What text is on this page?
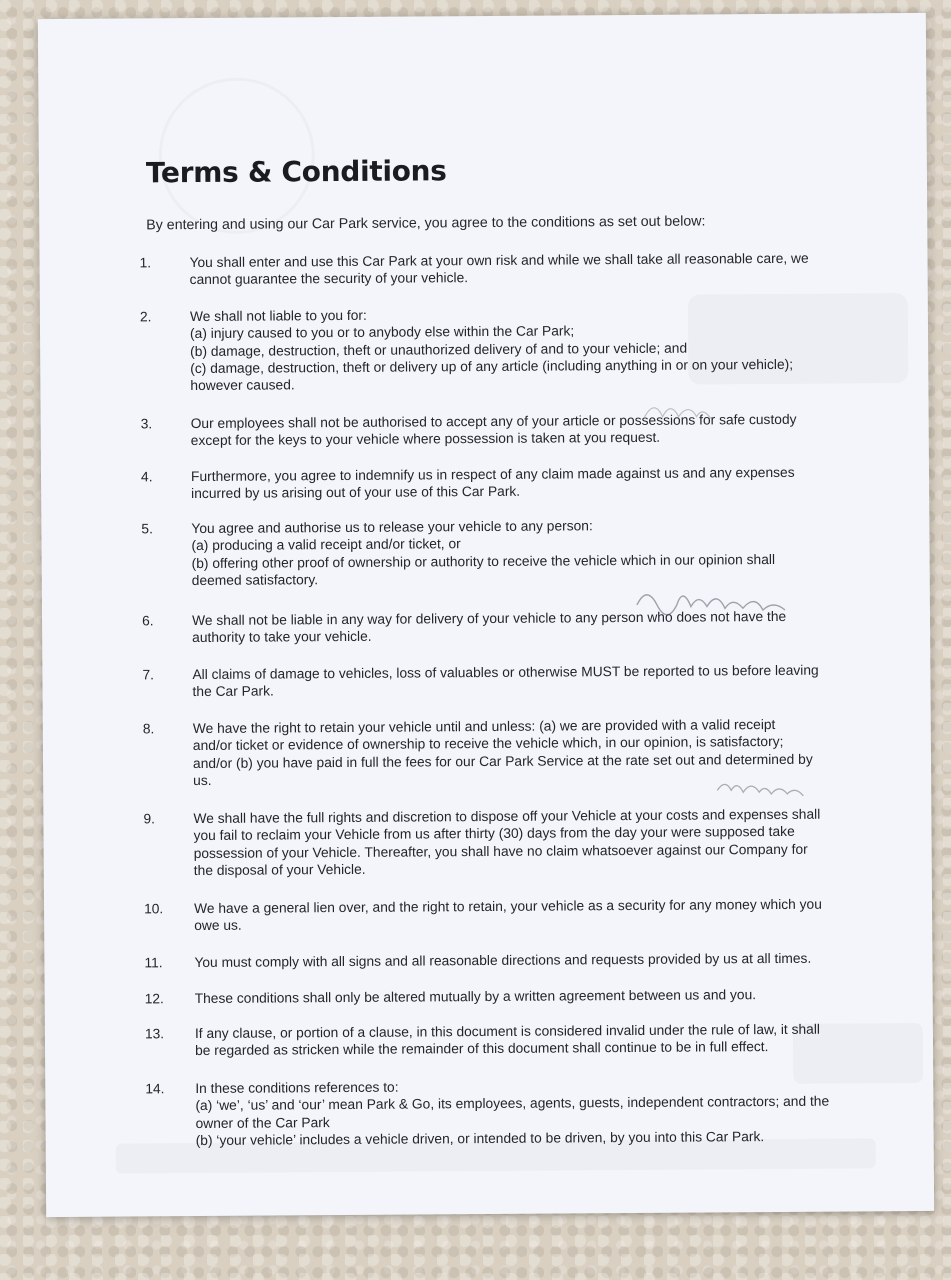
Terms & Conditions
By entering and using our Car Park service, you agree to the conditions as set out below:
1.	You shall enter and use this Car Park at your own risk and while we shall take all reasonable care, we
cannot guarantee the security of your vehicle.
2.	We shall not liable to you for:
(a) injury caused to you or to anybody else within the Car Park;
(b) damage, destruction, theft or unauthorized delivery of and to your vehicle; and
(c) damage, destruction, theft or delivery up of any article (including anything in or on your vehicle);
however caused.
3.	Our employees shall not be authorised to accept any of your article or possessions for safe custody
except for the keys to your vehicle where possession is taken at you request.
4.	Furthermore, you agree to indemnify us in respect of any claim made against us and any expenses
incurred by us arising out of your use of this Car Park.
5.	You agree and authorise us to release your vehicle to any person:
(a) producing a valid receipt and/or ticket, or
(b) offering other proof of ownership or authority to receive the vehicle which in our opinion shall
deemed satisfactory.
6.	We shall not be liable in any way for delivery of your vehicle to any person who does not have the
authority to take your vehicle.
7.	All claims of damage to vehicles, loss of valuables or otherwise MUST be reported to us before leaving
the Car Park.
8.	We have the right to retain your vehicle until and unless: (a) we are provided with a valid receipt
and/or ticket or evidence of ownership to receive the vehicle which, in our opinion, is satisfactory;
and/or (b) you have paid in full the fees for our Car Park Service at the rate set out and determined by
us.
9.	We shall have the full rights and discretion to dispose off your Vehicle at your costs and expenses shall
you fail to reclaim your Vehicle from us after thirty (30) days from the day your were supposed take
possession of your Vehicle. Thereafter, you shall have no claim whatsoever against our Company for
the disposal of your Vehicle.
10.	We have a general lien over, and the right to retain, your vehicle as a security for any money which you
owe us.
11.	You must comply with all signs and all reasonable directions and requests provided by us at all times.
12.	These conditions shall only be altered mutually by a written agreement between us and you.
13.	If any clause, or portion of a clause, in this document is considered invalid under the rule of law, it shall
be regarded as stricken while the remainder of this document shall continue to be in full effect.
14.	In these conditions references to:
(a) ‘we’, ‘us’ and ‘our’ mean Park & Go, its employees, agents, guests, independent contractors; and the
owner of the Car Park
(b) ‘your vehicle’ includes a vehicle driven, or intended to be driven, by you into this Car Park.
